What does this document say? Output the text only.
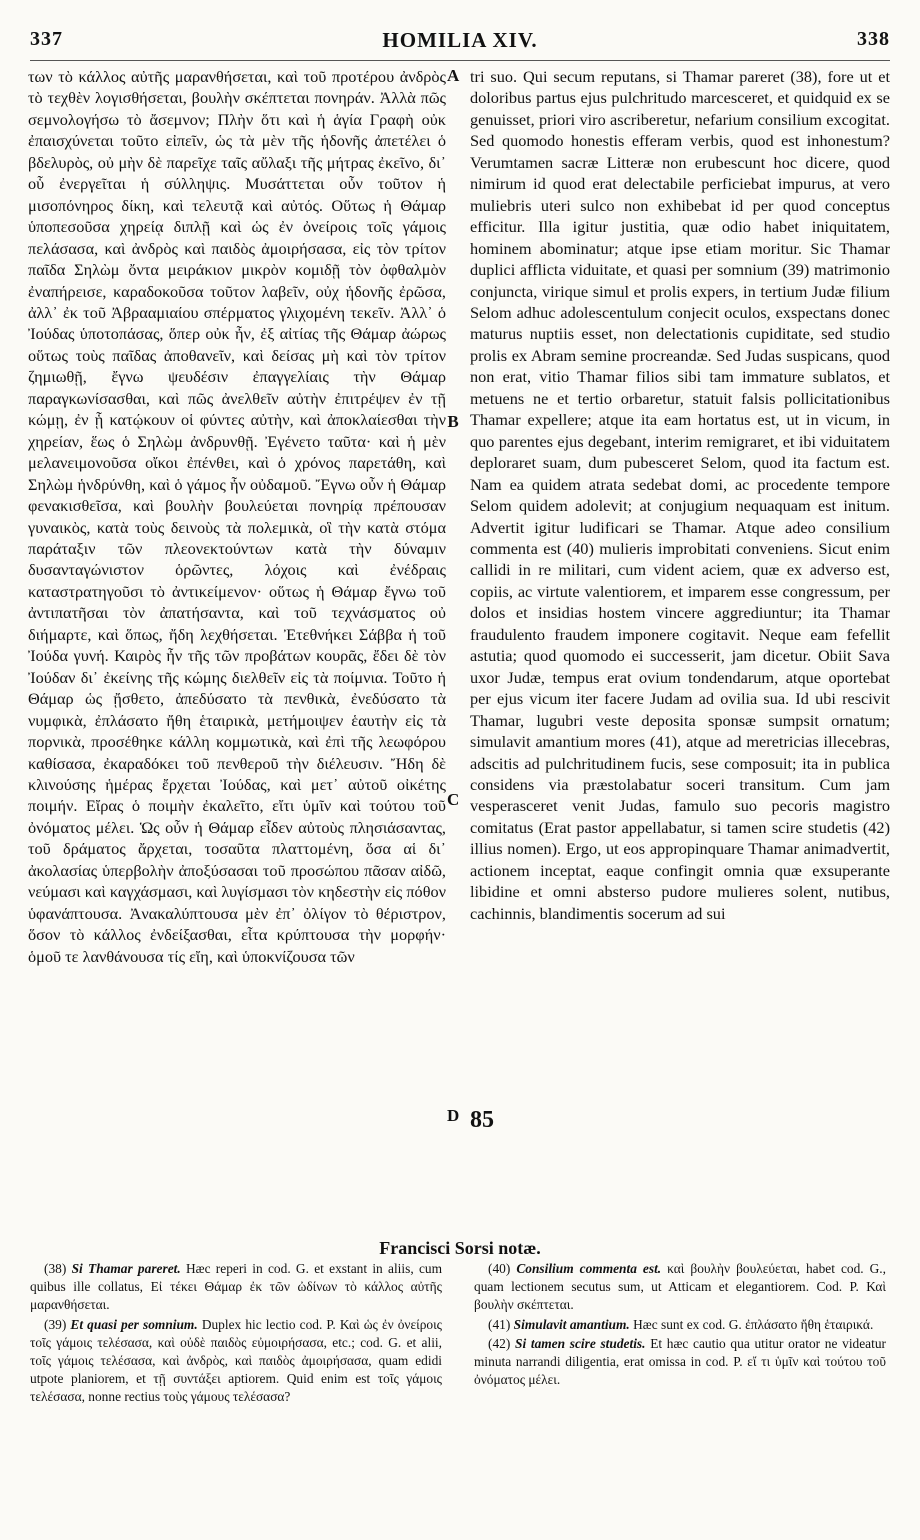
337	HOMILIA XIV.	338

των τὸ κάλλος αὐτῆς μαρανθήσεται, καὶ τοῦ προτέρου ἀνδρὸς τὸ τεχθὲν λογισθήσεται, βουλὴν σκέπτεται πονηράν. Ἀλλὰ πῶς σεμνολογήσω τὸ ἄσεμνον; Πλὴν ὅτι καὶ ἡ ἁγία Γραφὴ οὐκ ἐπαισχύνεται τοῦτο εἰπεῖν, ὡς τὰ μὲν τῆς ἡδονῆς ἀπετέλει ὁ βδελυρὸς, οὐ μὴν δὲ παρεῖχε ταῖς αὔλαξι τῆς μήτρας ἐκεῖνο, δι᾽ οὗ ἐνεργεῖται ἡ σύλληψις. Μυσάττεται οὖν τοῦτον ἡ μισοπόνηρος δίκη, καὶ τελευτᾷ καὶ αὐτός. Οὕτως ἡ Θάμαρ ὑποπεσοῦσα χηρείᾳ διπλῇ καὶ ὡς ἐν ὀνείροις τοῖς γάμοις πελάσασα, καὶ ἀνδρὸς καὶ παιδὸς ἀμοιρήσασα, εἰς τὸν τρίτον παῖδα Σηλὼμ ὄντα μειράκιον μικρὸν κομιδῇ τὸν ὀφθαλμὸν ἐναπήρεισε, καραδοκοῦσα τοῦτον λαβεῖν, οὐχ ἡδονῆς ἐρῶσα, ἀλλ᾽ ἐκ τοῦ Ἀβρααμιαίου σπέρματος γλιχομένη τεκεῖν. Ἀλλ᾽ ὁ Ἰούδας ὑποτοπάσας, ὅπερ οὐκ ἦν, ἐξ αἰτίας τῆς Θάμαρ ἀώρως οὕτως τοὺς παῖδας ἀποθανεῖν, καὶ δείσας μὴ καὶ τὸν τρίτον ζημιωθῇ, ἔγνω ψευδέσιν ἐπαγγελίαις τὴν Θάμαρ παραγκωνίσασθαι, καὶ πῶς ἀνελθεῖν αὐτὴν ἐπιτρέψεν ἐν τῇ κώμῃ, ἐν ᾗ κατῴκουν οἱ φύντες αὐτὴν, καὶ ἀποκλαίεσθαι τὴν χηρείαν, ἕως ὁ Σηλὼμ ἀνδρυνθῇ. Ἐγένετο ταῦτα· καὶ ἡ μὲν μελανειμονοῦσα οἴκοι ἐπένθει, καὶ ὁ χρόνος παρετάθη, καὶ Σηλὼμ ἡνδρύνθη, καὶ ὁ γάμος ἦν οὐδαμοῦ. Ἔγνω οὖν ἡ Θάμαρ φενακισθεῖσα, καὶ βουλὴν βουλεύεται πονηρίᾳ πρέπουσαν γυναικὸς, κατὰ τοὺς δεινοὺς τὰ πολεμικὰ, οἳ τὴν κατὰ στόμα παράταξιν τῶν πλεονεκτούντων κατὰ τὴν δύναμιν δυσανταγώνιστον ὁρῶντες, λόχοις καὶ ἐνέδραις καταστρατηγοῦσι τὸ ἀντικείμενον· οὕτως ἡ Θάμαρ ἔγνω τοῦ ἀντιπατῆσαι τὸν ἀπατήσαντα, καὶ τοῦ τεχνάσματος οὐ διήμαρτε, καὶ ὅπως, ἤδη λεχθήσεται. Ἐτεθνήκει Σάββα ἡ τοῦ Ἰούδα γυνή. Καιρὸς ἦν τῆς τῶν προβάτων κουρᾶς, ἔδει δὲ τὸν Ἰούδαν δι᾽ ἐκείνης τῆς κώμης διελθεῖν εἰς τὰ ποίμνια. Τοῦτο ἡ Θάμαρ ὡς ᾔσθετο, ἀπεδύσατο τὰ πενθικὰ, ἐνεδύσατο τὰ νυμφικὰ, ἐπλάσατο ἤθη ἑταιρικὰ, μετήμοιψεν ἑαυτὴν εἰς τὰ πορνικὰ, προσέθηκε κάλλη κομμωτικὰ, καὶ ἐπὶ τῆς λεωφόρου καθίσασα, ἐκαραδόκει τοῦ πενθεροῦ τὴν διέλευσιν. Ἤδη δὲ κλινούσης ἡμέρας ἔρχεται Ἰούδας, καὶ μετ᾽ αὐτοῦ οἰκέτης ποιμήν. Εἴρας ὁ ποιμὴν ἐκαλεῖτο, εἴτι ὑμῖν καὶ τούτου τοῦ ὀνόματος μέλει. Ὡς οὖν ἡ Θάμαρ εἶδεν αὐτοὺς πλησιάσαντας, τοῦ δράματος ἄρχεται, τοσαῦτα πλαττομένη, ὅσα αἱ δι᾽ ἀκολασίας ὑπερβολὴν ἀποξύσασαι τοῦ προσώπου πᾶσαν αἰδῶ, νεύμασι καὶ καγχάσμασι, καὶ λυγίσμασι τὸν κηδεστὴν εἰς πόθον ὑφανάπτουσα. Ἀνακαλύπτουσα μὲν ἐπ᾽ ὀλίγον τὸ θέριστρον, ὅσον τὸ κάλλος ἐνδείξασθαι, εἶτα κρύπτουσα τὴν μορφήν· ὁμοῦ τε λανθάνουσα τίς εἴη, καὶ ὑποκνίζουσα τῶν

A
B
C
D

tri suo. Qui secum reputans, si Thamar pareret (38), fore ut et doloribus partus ejus pulchritudo marcesceret, et quidquid ex se genuisset, priori viro ascriberetur, nefarium consilium excogitat. Sed quomodo honestis efferam verbis, quod est inhonestum? Verumtamen sacræ Litteræ non erubescunt hoc dicere, quod nimirum id quod erat delectabile perficiebat impurus, at vero muliebris uteri sulco non exhibebat id per quod conceptus efficitur. Illa igitur justitia, quæ odio habet iniquitatem, hominem abominatur; atque ipse etiam moritur. Sic Thamar duplici afflicta viduitate, et quasi per somnium (39) matrimonio conjuncta, virique simul et prolis expers, in tertium Judæ filium Selom adhuc adolescentulum conjecit oculos, exspectans donec maturus nuptiis esset, non delectationis cupiditate, sed studio prolis ex Abram semine procreandæ. Sed Judas suspicans, quod non erat, vitio Thamar filios sibi tam immature sublatos, et metuens ne et tertio orbaretur, statuit falsis pollicitationibus Thamar expellere; atque ita eam hortatus est, ut in vicum, in quo parentes ejus degebant, interim remigraret, et ibi viduitatem deploraret suam, dum pubesceret Selom, quod ita factum est. Nam ea quidem atrata sedebat domi, ac procedente tempore Selom quidem adolevit; at conjugium nequaquam est initum. Advertit igitur ludificari se Thamar. Atque adeo consilium commenta est (40) mulieris improbitati conveniens. Sicut enim callidi in re militari, cum vident aciem, quæ ex adverso est, copiis, ac virtute valentiorem, et imparem esse congressum, per dolos et insidias hostem vincere aggrediuntur; ita Thamar fraudulento fraudem imponere cogitavit. Neque eam fefellit astutia; quod quomodo ei successerit, jam dicetur. Obiit Sava uxor Judæ, tempus erat ovium tondendarum, atque oportebat per ejus vicum iter facere Judam ad ovilia sua. Id ubi rescivit Thamar, lugubri veste deposita sponsæ sumpsit ornatum; simulavit amantium mores (41), atque ad meretricias illecebras, adscitis ad pulchritudinem fucis, sese composuit; ita in publica considens via præstolabatur soceri transitum. Cum jam vesperasceret venit Judas, famulo suo pecoris magistro comitatus (Erat pastor appellabatur, si tamen scire studetis (42) illius nomen). Ergo, ut eos appropinquare Thamar animadvertit, actionem inceptat, eaque confingit omnia quæ exsuperante libidine et omni abstersо pudore mulieres solent, nutibus, cachinnis, blandimentis socerum ad sui

85
Francisci Sorsi notæ.

(38) Si Thamar pareret. Hæc reperi in cod. G. et exstant in aliis, cum quibus ille collatus, Εἰ τέκει Θάμαρ ἐκ τῶν ὠδίνων τὸ κάλλος αὐτῆς μαρανθήσεται.

(39) Et quasi per somnium. Duplex hic lectio cod. P. Καὶ ὡς ἐν ὀνείροις τοῖς γάμοις τελέσασα, καὶ οὐδὲ παιδὸς εὐμοιρήσασα, etc.; cod. G. et alii, τοῖς γάμοις τελέσασα, καὶ ἀνδρὸς, καὶ παιδὸς ἀμοιρήσασα, quam edidi utpote planiorem, et τῇ συντάξει aptiorem. Quid enim est τοῖς γάμοις τελέσασα, nonne rectius τοὺς γάμους τελέσασα?

(40) Consilium commenta est. καὶ βουλὴν βουλεύεται, habet cod. G., quam lectionem secutus sum, ut Atticam et elegantiorem. Cod. P. Καὶ βουλὴν σκέπτεται.

(41) Simulavit amantium. Hæc sunt ex cod. G. ἐπλάσατο ἤθη ἑταιρικά.

(42) Si tamen scire studetis. Et hæc cautio qua utitur orator ne videatur minuta narrandi diligentia, erat omissa in cod. P. εἴ τι ὑμῖν καὶ τούτου τοῦ ὀνόματος μέλει.
